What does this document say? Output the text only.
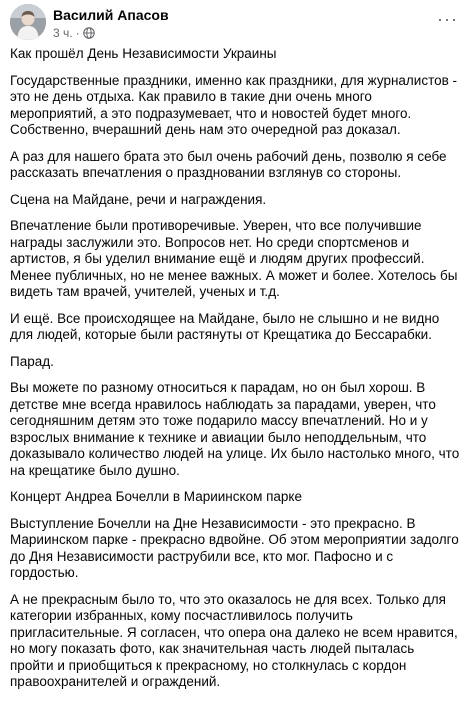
Василий Апасов
3 ч. ·
···

Как прошёл День Независимости Украины

Государственные праздники, именно как праздники, для журналистов - это не день отдыха. Как правило в такие дни очень много мероприятий, а это подразумевает, что и новостей будет много. Собственно, вчерашний день нам это очередной раз доказал.

А раз для нашего брата это был очень рабочий день, позволю я себе рассказать впечатления о праздновании взглянув со стороны.

Сцена на Майдане, речи и награждения.

Впечатление были противоречивые. Уверен, что все получившие награды заслужили это. Вопросов нет. Но среди спортсменов и артистов, я бы уделил внимание ещё и людям других профессий. Менее публичных, но не менее важных. А может и более. Хотелось бы видеть там врачей, учителей, ученых и т.д.

И ещё. Все происходящее на Майдане, было не слышно и не видно для людей, которые были растянуты от Крещатика до Бессарабки.

Парад.

Вы можете по разному относиться к парадам, но он был хорош. В детстве мне всегда нравилось наблюдать за парадами, уверен, что сегодняшним детям это тоже подарило массу впечатлений. Но и у взрослых внимание к технике и авиации было неподдельным, что доказывало количество людей на улице. Их было настолько много, что на крещатике было душно.

Концерт Андреа Бочелли в Мариинском парке

Выступление Бочелли на Дне Независимости - это прекрасно. В Мариинском парке - прекрасно вдвойне. Об этом мероприятии задолго до Дня Независимости раструбили все, кто мог. Пафосно и с гордостью.

А не прекрасным было то, что это оказалось не для всех. Только для категории избранных, кому посчастливилось получить пригласительные. Я согласен, что опера она далеко не всем нравится, но могу показать фото, как значительная часть людей пыталась пройти и приобщиться к прекрасному, но столкнулась с кордон правоохранителей и ограждений.
